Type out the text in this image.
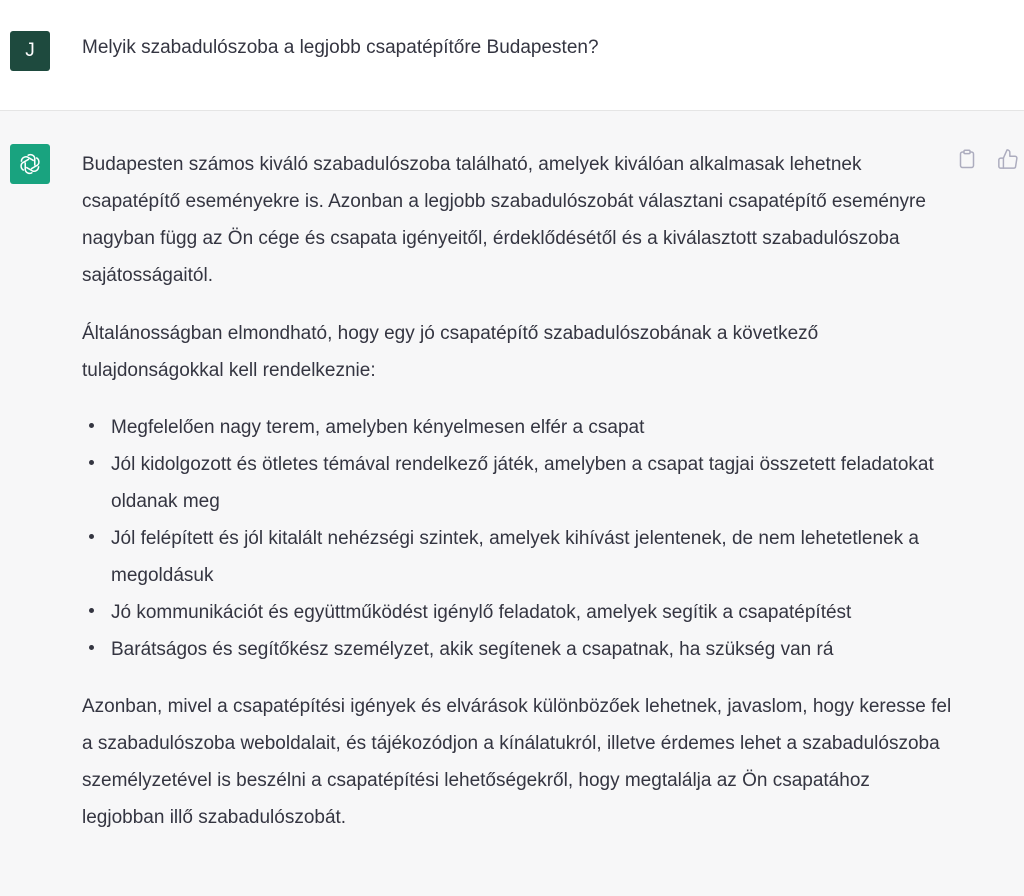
J	Melyik szabadulószoba a legjobb csapatépítőre Budapesten?

Budapesten számos kiváló szabadulószoba található, amelyek kiválóan alkalmasak lehetnek csapatépítő eseményekre is. Azonban a legjobb szabadulószobát választani csapatépítő eseményre nagyban függ az Ön cége és csapata igényeitől, érdeklődésétől és a kiválasztott szabadulószoba sajátosságaitól.

Általánosságban elmondható, hogy egy jó csapatépítő szabadulószobának a következő tulajdonságokkal kell rendelkeznie:

Megfelelően nagy terem, amelyben kényelmesen elfér a csapat
Jól kidolgozott és ötletes témával rendelkező játék, amelyben a csapat tagjai összetett feladatokat oldanak meg
Jól felépített és jól kitalált nehézségi szintek, amelyek kihívást jelentenek, de nem lehetetlenek a megoldásuk
Jó kommunikációt és együttműködést igénylő feladatok, amelyek segítik a csapatépítést
Barátságos és segítőkész személyzet, akik segítenek a csapatnak, ha szükség van rá

Azonban, mivel a csapatépítési igények és elvárások különbözőek lehetnek, javaslom, hogy keresse fel a szabadulószoba weboldalait, és tájékozódjon a kínálatukról, illetve érdemes lehet a szabadulószoba személyzetével is beszélni a csapatépítési lehetőségekről, hogy megtalálja az Ön csapatához legjobban illő szabadulószobát.
